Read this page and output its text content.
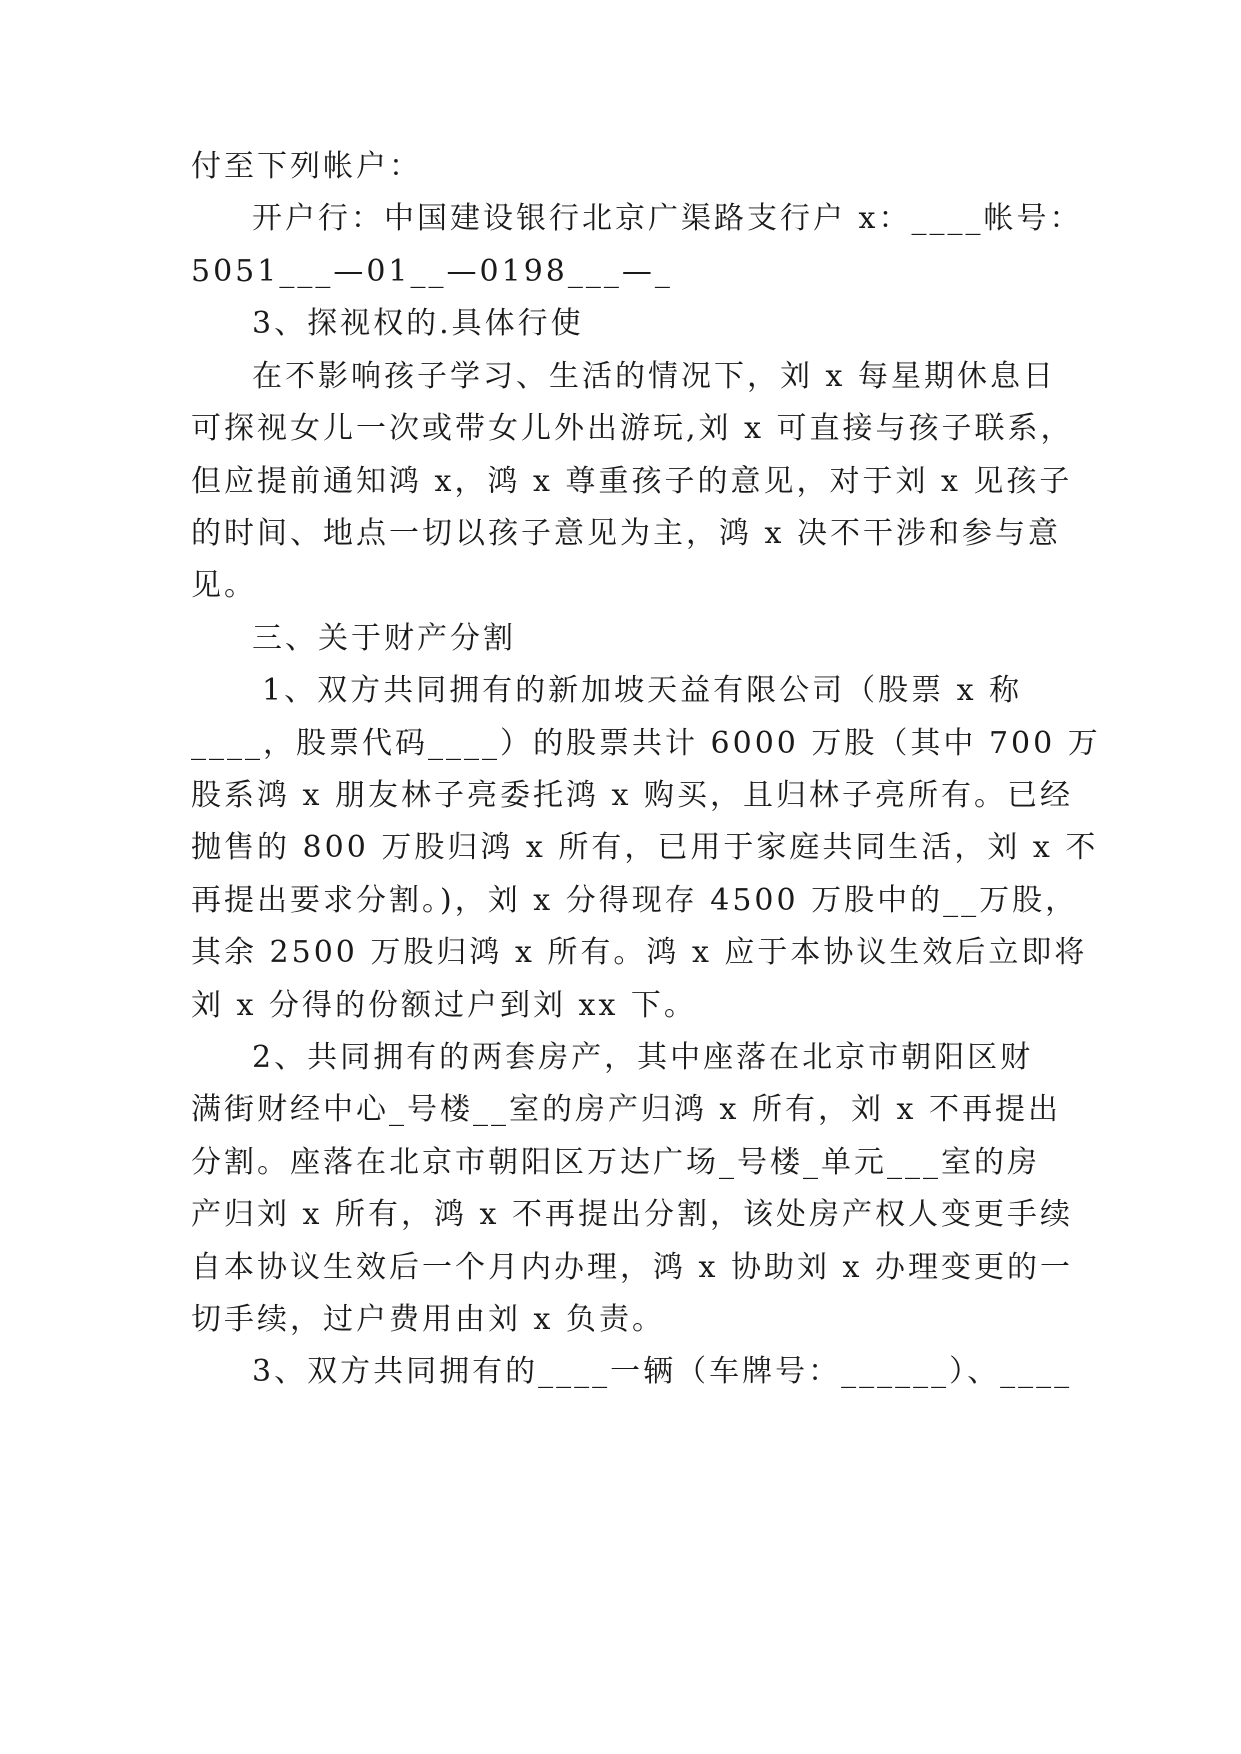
付至下列帐户：
开户行：中国建设银行北京广渠路支行户 x：____帐号：
5051___—01__—0198___—_
3、探视权的.具体行使
在不影响孩子学习、生活的情况下，刘 x 每星期休息日
可探视女儿一次或带女儿外出游玩,刘 x 可直接与孩子联系，
但应提前通知鸿 x，鸿 x 尊重孩子的意见，对于刘 x 见孩子
的时间、地点一切以孩子意见为主，鸿 x 决不干涉和参与意
见。
三、关于财产分割
1、双方共同拥有的新加坡天益有限公司（股票 x 称
____，股票代码____）的股票共计 6000 万股（其中 700 万
股系鸿 x 朋友林子亮委托鸿 x 购买，且归林子亮所有。已经
抛售的 800 万股归鸿 x 所有，已用于家庭共同生活，刘 x 不
再提出要求分割。)，刘 x 分得现存 4500 万股中的__万股，
其余 2500 万股归鸿 x 所有。鸿 x 应于本协议生效后立即将
刘 x 分得的份额过户到刘 xx 下。
2、共同拥有的两套房产，其中座落在北京市朝阳区财
满街财经中心_号楼__室的房产归鸿 x 所有，刘 x 不再提出
分割。座落在北京市朝阳区万达广场_号楼_单元___室的房
产归刘 x 所有，鸿 x 不再提出分割，该处房产权人变更手续
自本协议生效后一个月内办理，鸿 x 协助刘 x 办理变更的一
切手续，过户费用由刘 x 负责。
3、双方共同拥有的____一辆（车牌号：______）、____
